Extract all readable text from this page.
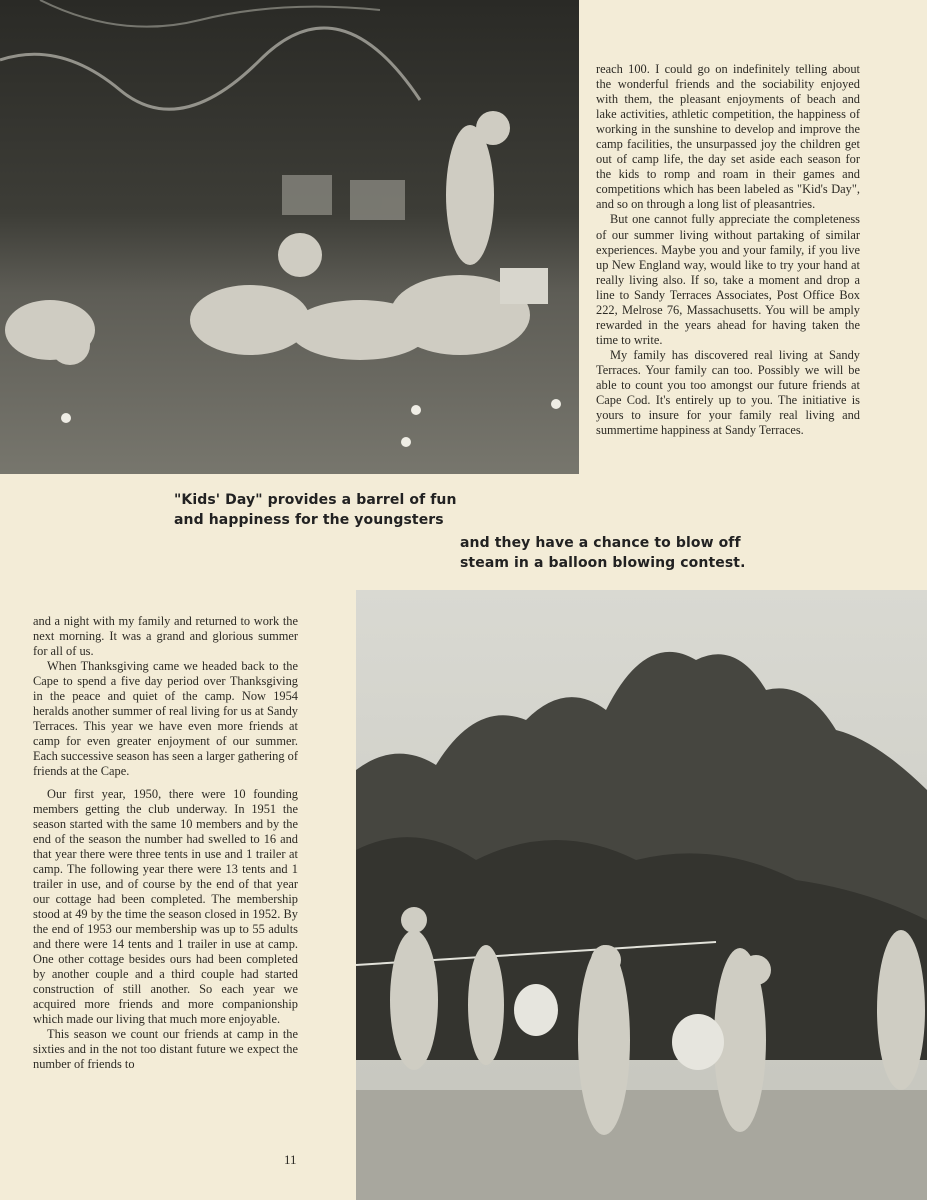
reach 100. I could go on indefinitely telling about the wonderful friends and the sociability enjoyed with them, the pleasant enjoyments of beach and lake activities, athletic competition, the happiness of working in the sunshine to develop and improve the camp facilities, the unsurpassed joy the children get out of camp life, the day set aside each season for the kids to romp and roam in their games and competitions which has been labeled as "Kid's Day", and so on through a long list of pleasantries.

But one cannot fully appreciate the completeness of our summer living without partaking of similar experiences. Maybe you and your family, if you live up New England way, would like to try your hand at really living also. If so, take a moment and drop a line to Sandy Terraces Associates, Post Office Box 222, Melrose 76, Massachusetts. You will be amply rewarded in the years ahead for having taken the time to write.

My family has discovered real living at Sandy Terraces. Your family can too. Possibly we will be able to count you too amongst our future friends at Cape Cod. It's entirely up to you. The initiative is yours to insure for your family real living and summertime happiness at Sandy Terraces.

"Kids' Day" provides a barrel of fun and happiness for the youngsters
and they have a chance to blow off steam in a balloon blowing contest.

and a night with my family and returned to work the next morning. It was a grand and glorious summer for all of us.

When Thanksgiving came we headed back to the Cape to spend a five day period over Thanksgiving in the peace and quiet of the camp. Now 1954 heralds another summer of real living for us at Sandy Terraces. This year we have even more friends at camp for even greater enjoyment of our summer. Each successive season has seen a larger gathering of friends at the Cape.

Our first year, 1950, there were 10 founding members getting the club underway. In 1951 the season started with the same 10 members and by the end of the season the number had swelled to 16 and that year there were three tents in use and 1 trailer at camp. The following year there were 13 tents and 1 trailer in use, and of course by the end of that year our cottage had been completed. The membership stood at 49 by the time the season closed in 1952. By the end of 1953 our membership was up to 55 adults and there were 14 tents and 1 trailer in use at camp. One other cottage besides ours had been completed by another couple and a third couple had started construction of still another. So each year we acquired more friends and more companionship which made our living that much more enjoyable.

This season we count our friends at camp in the sixties and in the not too distant future we expect the number of friends to

11
